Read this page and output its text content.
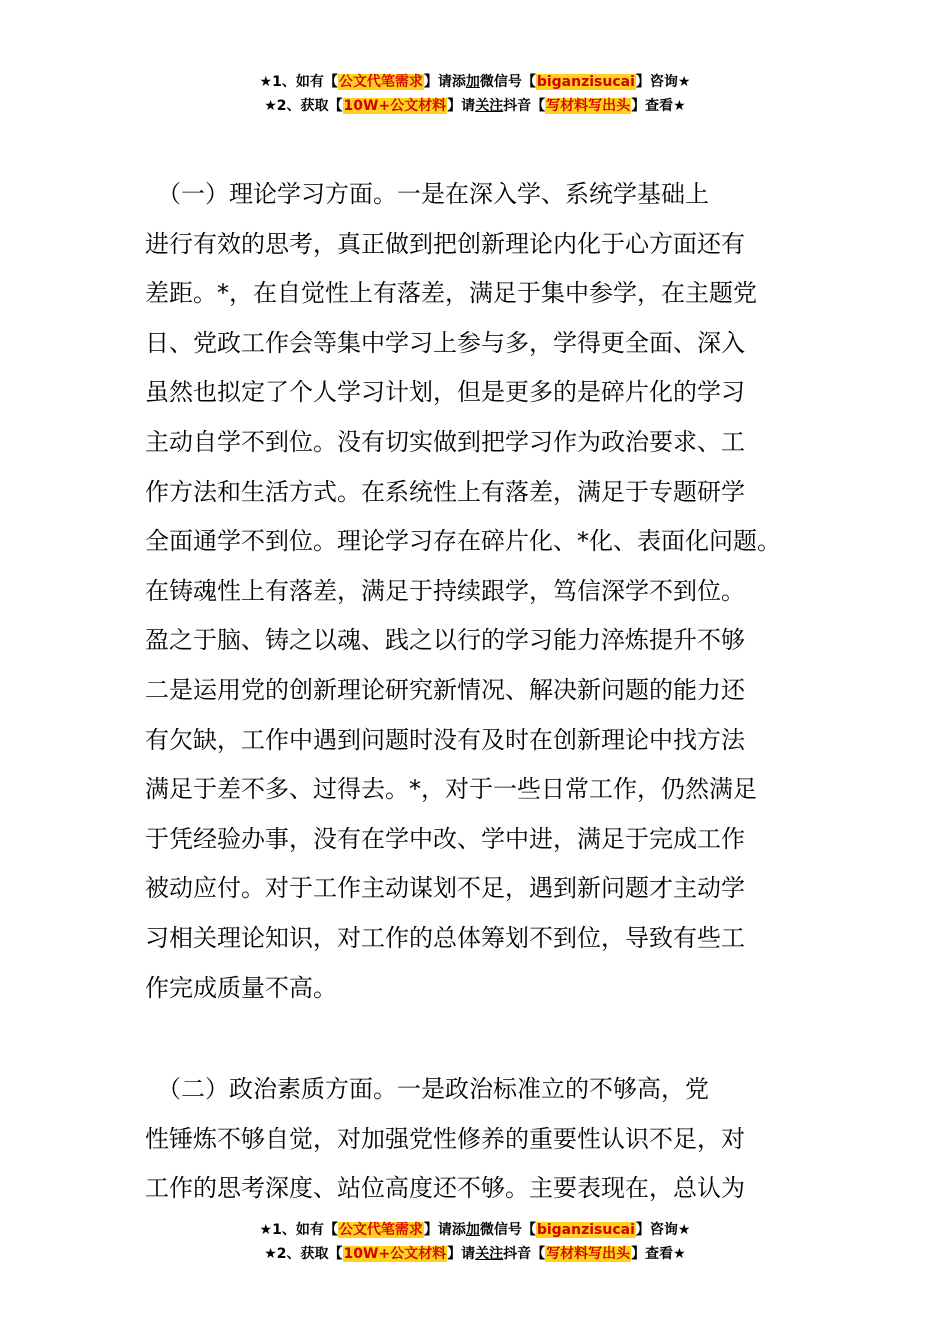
★1、如有【公文代笔需求】请添加微信号【biganzisucai】咨询★
★2、获取【10W+公文材料】请关注抖音【写材料写出头】查看★
　（一）理论学习方面。一是在深入学、系统学基础上
进行有效的思考，真正做到把创新理论内化于心方面还有
差距。*，在自觉性上有落差，满足于集中参学，在主题党
日、党政工作会等集中学习上参与多，学得更全面、深入
虽然也拟定了个人学习计划，但是更多的是碎片化的学习
主动自学不到位。没有切实做到把学习作为政治要求、工
作方法和生活方式。在系统性上有落差，满足于专题研学
全面通学不到位。理论学习存在碎片化、*化、表面化问题。
在铸魂性上有落差，满足于持续跟学，笃信深学不到位。
盈之于脑、铸之以魂、践之以行的学习能力淬炼提升不够
二是运用党的创新理论研究新情况、解决新问题的能力还
有欠缺，工作中遇到问题时没有及时在创新理论中找方法
满足于差不多、过得去。*，对于一些日常工作，仍然满足
于凭经验办事，没有在学中改、学中进，满足于完成工作
被动应付。对于工作主动谋划不足，遇到新问题才主动学
习相关理论知识，对工作的总体筹划不到位，导致有些工
作完成质量不高。
　（二）政治素质方面。一是政治标准立的不够高，党
性锤炼不够自觉，对加强党性修养的重要性认识不足，对
工作的思考深度、站位高度还不够。主要表现在，总认为
★1、如有【公文代笔需求】请添加微信号【biganzisucai】咨询★
★2、获取【10W+公文材料】请关注抖音【写材料写出头】查看★
